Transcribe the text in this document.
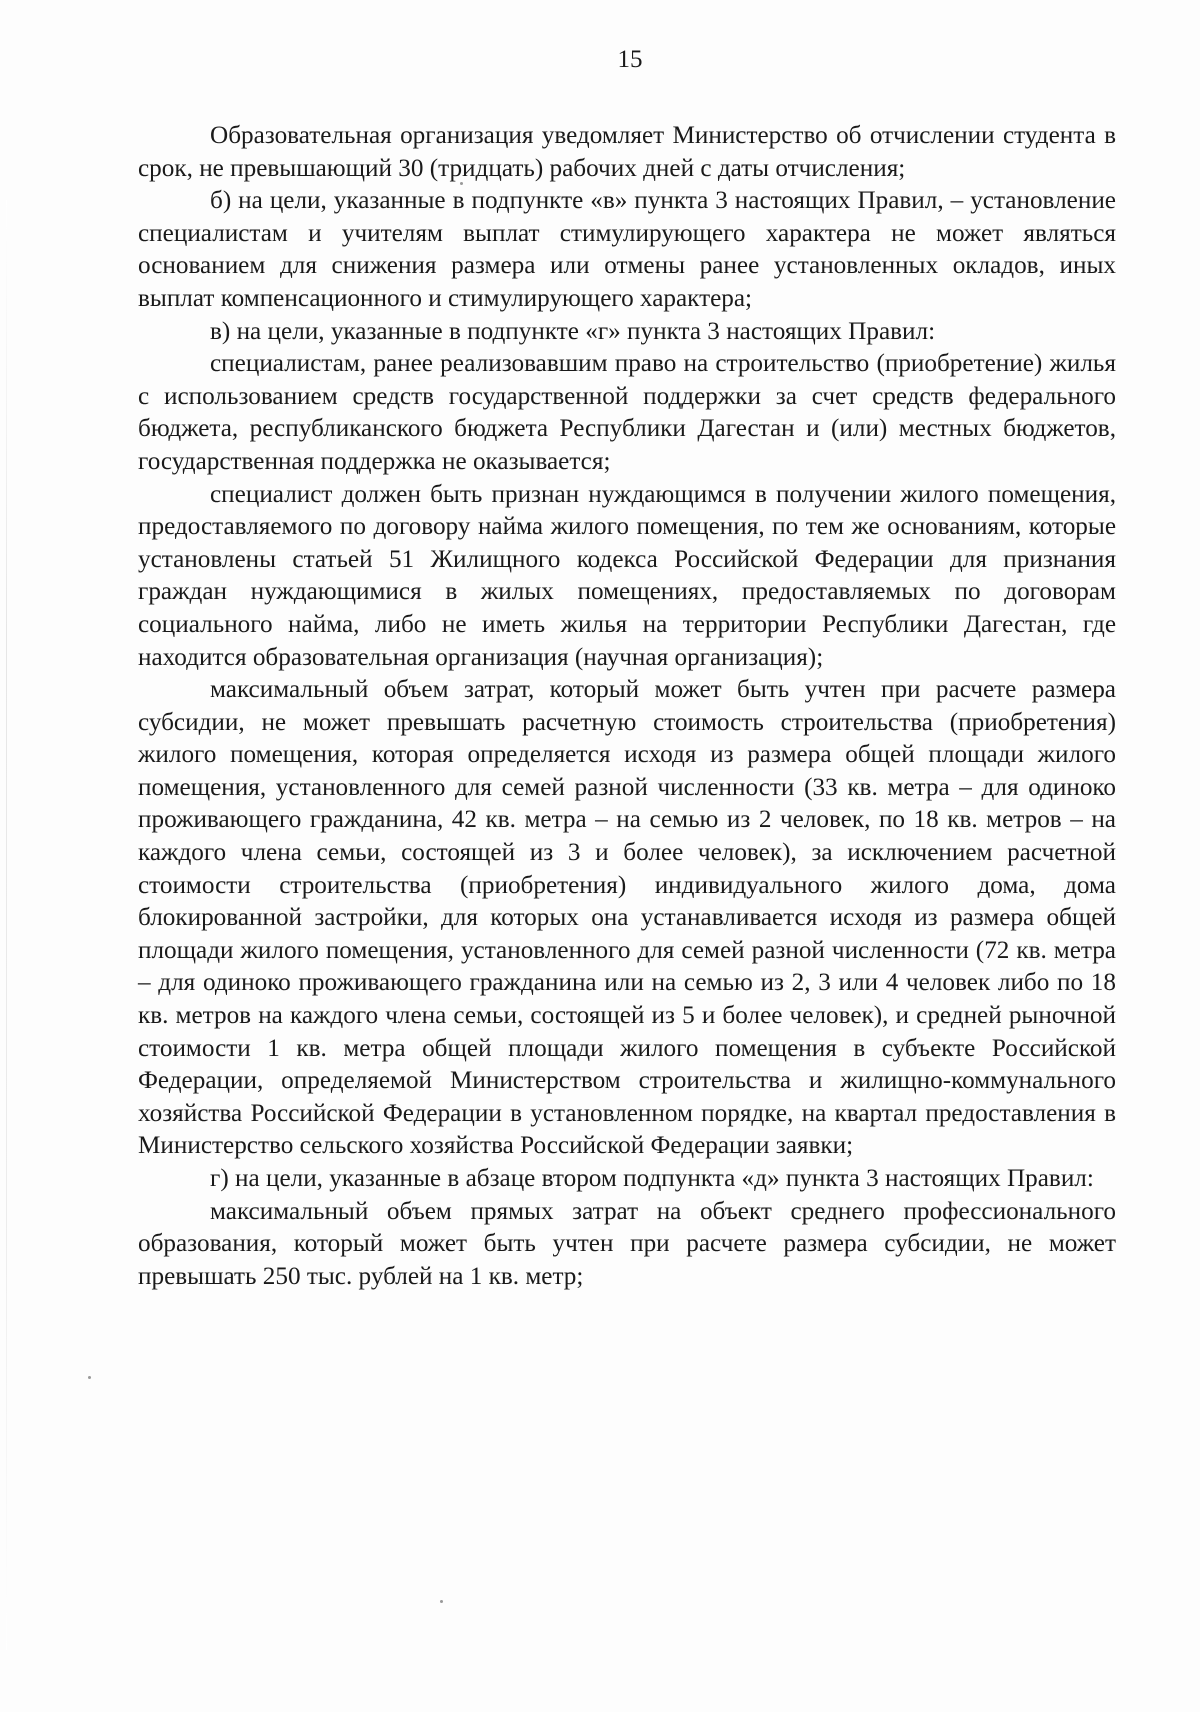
15

Образовательная организация уведомляет Министерство об отчислении студента в срок, не превышающий 30 (тридцать) рабочих дней с даты отчисления;

б) на цели, указанные в подпункте «в» пункта 3 настоящих Правил, – установление специалистам и учителям выплат стимулирующего характера не может являться основанием для снижения размера или отмены ранее установленных окладов, иных выплат компенсационного и стимулирующего характера;

в) на цели, указанные в подпункте «г» пункта 3 настоящих Правил:

специалистам, ранее реализовавшим право на строительство (приобретение) жилья с использованием средств государственной поддержки за счет средств федерального бюджета, республиканского бюджета Республики Дагестан и (или) местных бюджетов, государственная поддержка не оказывается;

специалист должен быть признан нуждающимся в получении жилого помещения, предоставляемого по договору найма жилого помещения, по тем же основаниям, которые установлены статьей 51 Жилищного кодекса Российской Федерации для признания граждан нуждающимися в жилых помещениях, предоставляемых по договорам социального найма, либо не иметь жилья на территории Республики Дагестан, где находится образовательная организация (научная организация);

максимальный объем затрат, который может быть учтен при расчете размера субсидии, не может превышать расчетную стоимость строительства (приобретения) жилого помещения, которая определяется исходя из размера общей площади жилого помещения, установленного для семей разной численности (33 кв. метра – для одиноко проживающего гражданина, 42 кв. метра – на семью из 2 человек, по 18 кв. метров – на каждого члена семьи, состоящей из 3 и более человек), за исключением расчетной стоимости строительства (приобретения) индивидуального жилого дома, дома блокированной застройки, для которых она устанавливается исходя из размера общей площади жилого помещения, установленного для семей разной численности (72 кв. метра – для одиноко проживающего гражданина или на семью из 2, 3 или 4 человек либо по 18 кв. метров на каждого члена семьи, состоящей из 5 и более человек), и средней рыночной стоимости 1 кв. метра общей площади жилого помещения в субъекте Российской Федерации, определяемой Министерством строительства и жилищно-коммунального хозяйства Российской Федерации в установленном порядке, на квартал предоставления в Министерство сельского хозяйства Российской Федерации заявки;

г) на цели, указанные в абзаце втором подпункта «д» пункта 3 настоящих Правил:

максимальный объем прямых затрат на объект среднего профессионального образования, который может быть учтен при расчете размера субсидии, не может превышать 250 тыс. рублей на 1 кв. метр;
